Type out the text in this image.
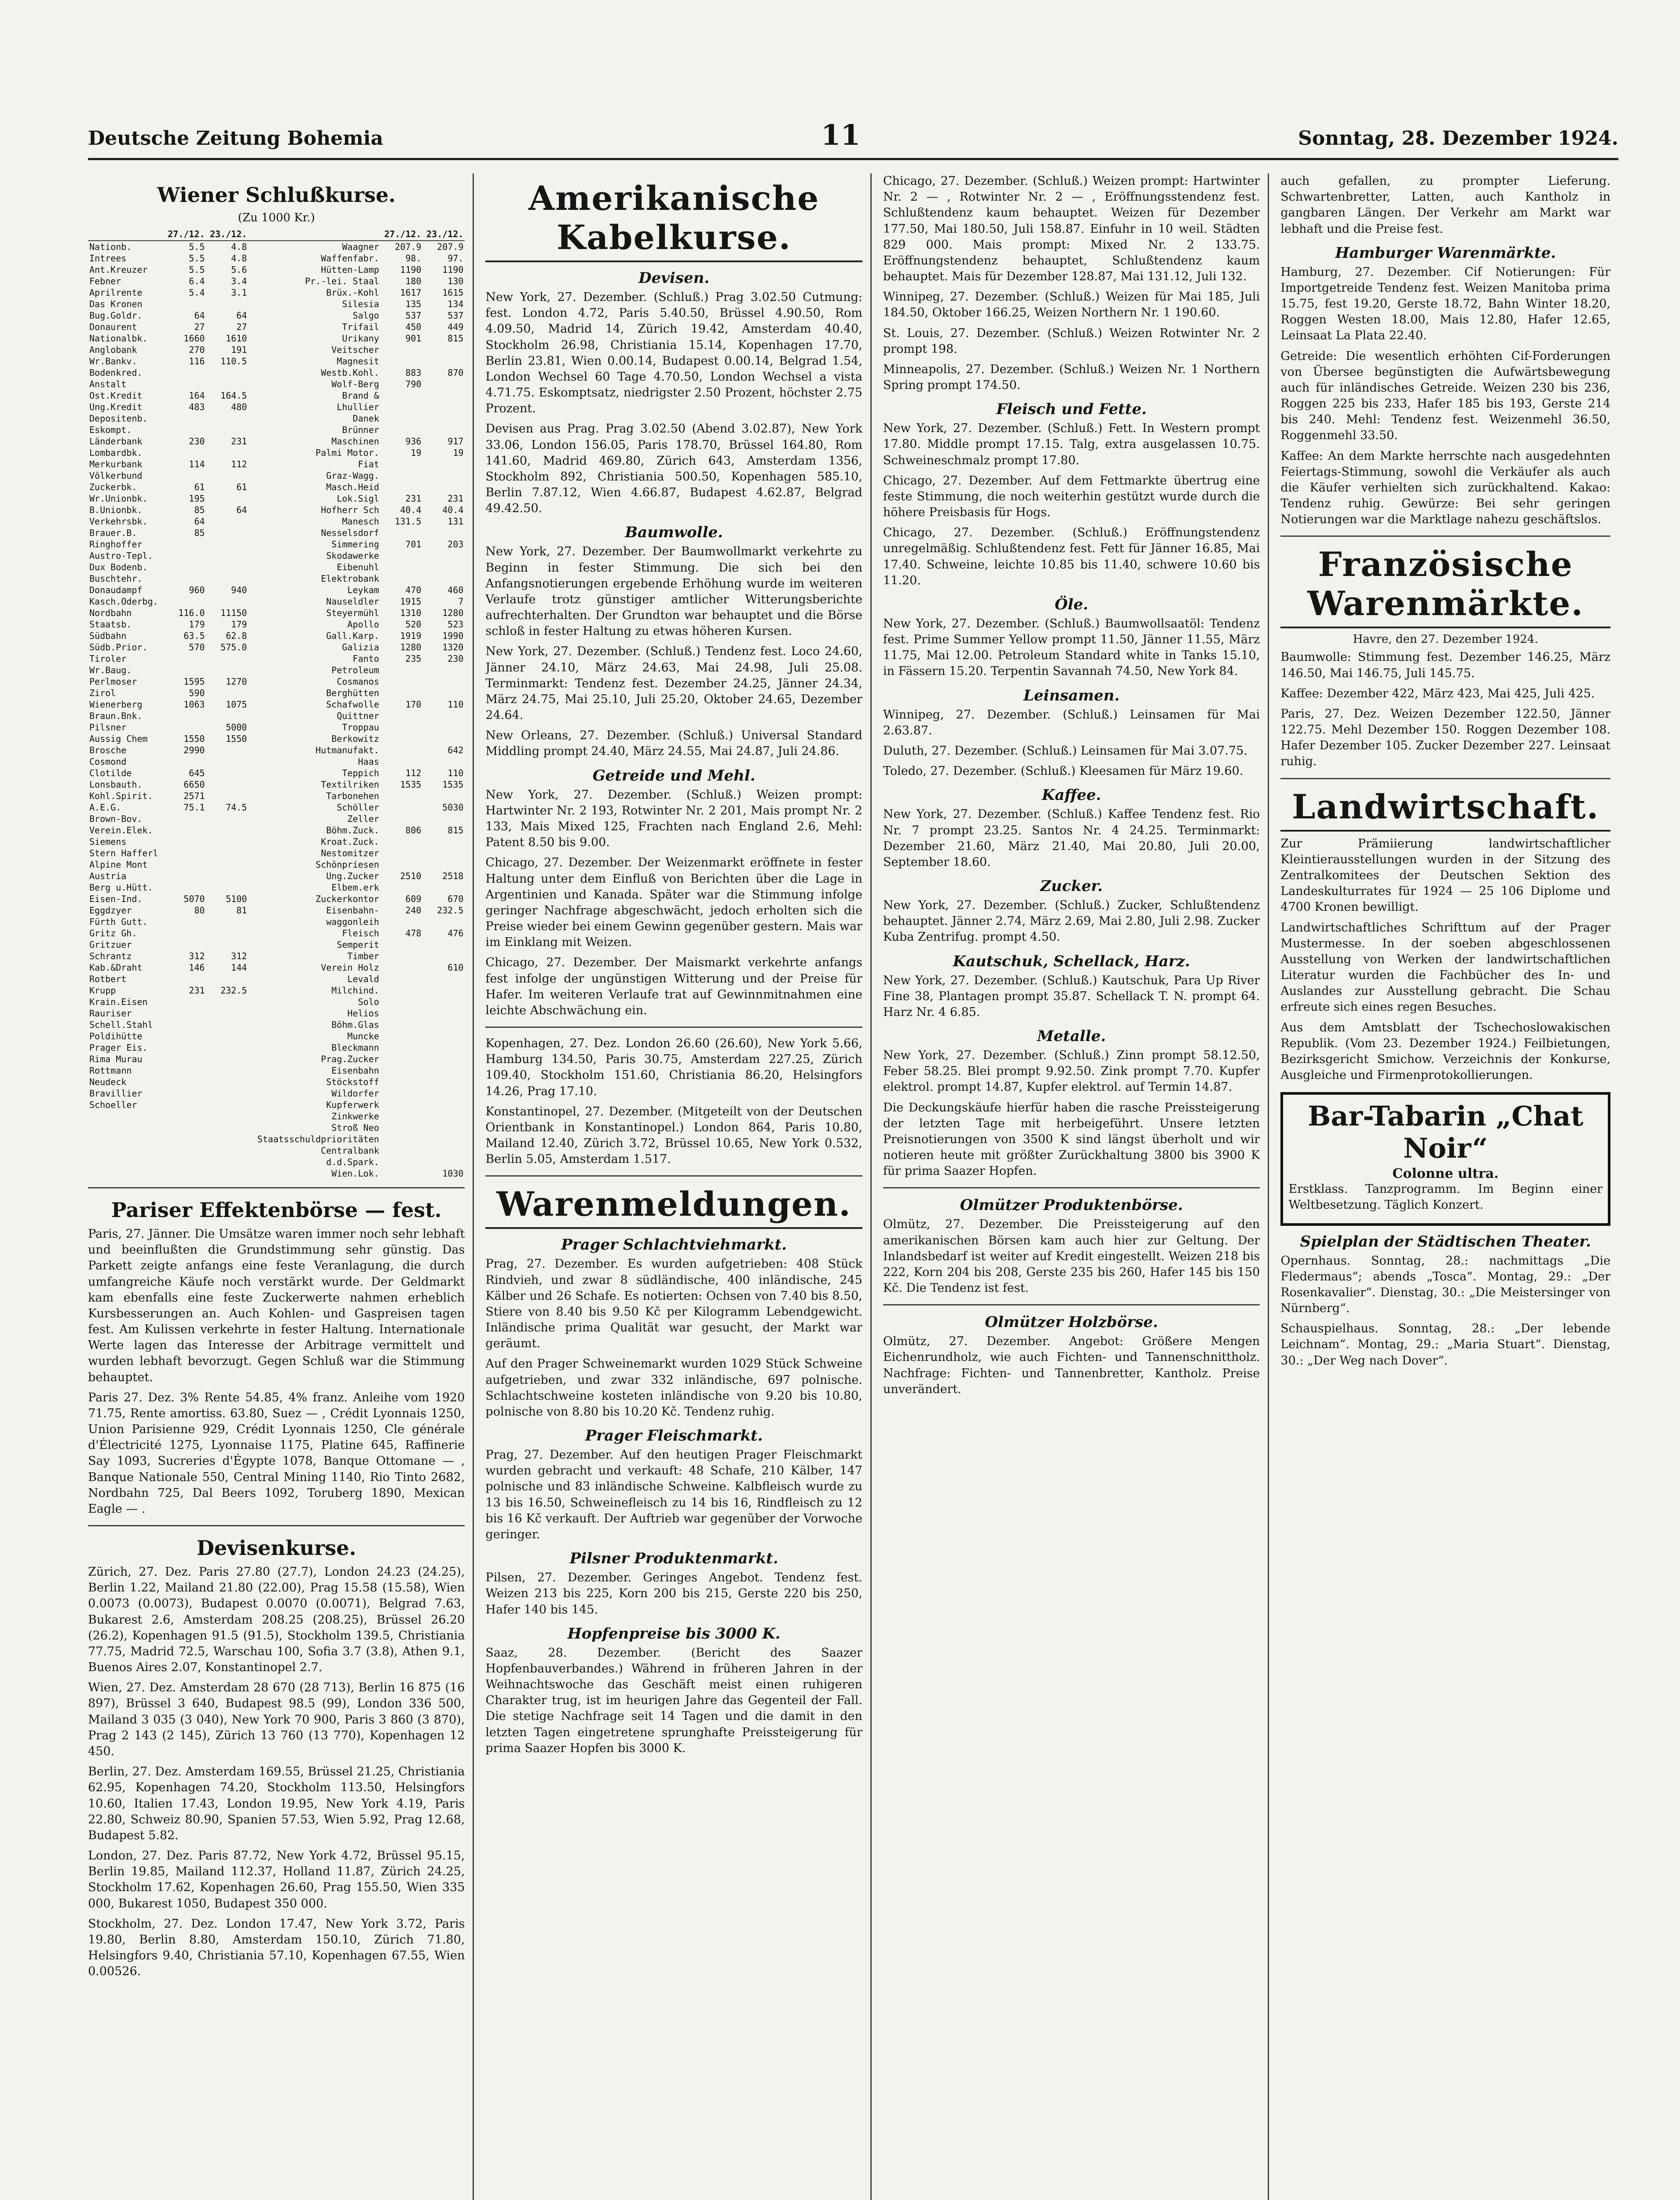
Deutsche Zeitung Bohemia	11	Sonntag, 28. Dezember 1924.
Wiener Schlußkurse.
(Zu 1000 Kr.)
	27./12.	23./12.		27./12.	23./12.
Nationb.	5.5	4.8	Waagner	207.9	207.9
Intrees	5.5	4.8	Waffenfabr.	98.	97.
Ant.Kreuzer	5.5	5.6	Hütten-Lamp	1190	1190
Febner	6.4	3.4	Pr.-lei. Staal	180	130
Aprilrente	5.4	3.1	Brüx.-Kohl	1617	1615
Das Kronen			Silesia	135	134
Bug.Goldr.	64	64	Salgo	537	537
Donaurent	27	27	Trifail	450	449
Nationalbk.	1660	1610	Urikany	901	815
Anglobank	270	191	Veitscher		
Wr.Bankv.	116	110.5	Magnesit		
Bodenkred.			Westb.Kohl.	883	870
Anstalt			Wolf-Berg	790	
Ost.Kredit	164	164.5	Brand &		
Ung.Kredit	483	480	Lhullier		
Depositenb.			Danek		
Eskompt.			Brünner		
Länderbank	230	231	Maschinen	936	917
Lombardbk.			Palmi Motor.	19	19
Merkurbank	114	112	Fiat		
Völkerbund			Graz-Wagg.		
Zuckerbk.	61	61	Masch.Heid		
Wr.Unionbk.	195		Lok.Sigl	231	231
B.Unionbk.	85	64	Hofherr Sch	40.4	40.4
Verkehrsbk.	64		Manesch	131.5	131
Brauer.B.	85		Nesselsdorf		
Ringhoffer			Simmering	701	203
Austro-Tepl.			Skodawerke		
Dux Bodenb.			Eibenuhl		
Buschtehr.			Elektrobank		
Donaudampf	960	940	Leykam	470	460
Kasch.Oderbg.			Nauseldler	1915	7
Nordbahn	116.0	11150	Steyermühl	1310	1280
Staatsb.	179	179	Apollo	520	523
Südbahn	63.5	62.8	Gall.Karp.	1919	1990
Südb.Prior.	570	575.0	Galizia	1280	1320
Tiroler			Fanto	235	230
Wr.Baug.			Petroleum		
Perlmoser	1595	1270	Cosmanos		
Zirol	590		Berghütten		
Wienerberg	1063	1075	Schafwolle	170	110
Braun.Bnk.			Quittner		
Pilsner		5000	Troppau		
Aussig Chem	1550	1550	Berkowitz		
Brosche	2990		Hutmanufakt.		642
Cosmond			Haas		
Clotilde	645		Teppich	112	110
Lonsbauth.	6650		Textilriken	1535	1535
Kohl.Spirit.	2571		Tarbonehen		
A.E.G.	75.1	74.5	Schöller		5030
Brown-Bov.			Zeller		
Verein.Elek.			Böhm.Zuck.	806	815
Siemens			Kroat.Zuck.		
Stern Hafferl			Nestomitzer		
Alpine Mont			Schönpriesen		
Austria			Ung.Zucker	2510	2518
Berg u.Hütt.			Elbem.erk		
Eisen-Ind.	5070	5100	Zuckerkontor	609	670
Eggdzyer	80	81	Eisenbahn-	240	232.5
Fürth Gutt.			waggonleih		
Gritz Gh.			Fleisch	478	476
Gritzuer			Semperit		
Schrantz	312	312	Timber		
Kab.&Draht	146	144	Verein Holz		610
Rotbert			Levald		
Krupp	231	232.5	Milchind.		
Krain.Eisen			Solo		
Rauriser			Helios		
Schell.Stahl			Böhm.Glas		
Poldihütte			Muncke		
Prager Eis.			Bleckmann		
Rima Murau			Prag.Zucker		
Rottmann			Eisenbahn		
Neudeck			Stöckstoff		
Bravillier			Wildorfer		
Schoeller			Kupferwerk		
			Zinkwerke		
			Stroß Neo		
			Staatsschuldprioritäten		
			Centralbank		
			d.d.Spark.		
			Wien.Lok.		1030
Pariser Effektenbörse — fest.

Paris, 27. Jänner. Die Umsätze waren immer noch sehr lebhaft und beeinflußten die Grundstimmung sehr günstig. Das Parkett zeigte anfangs eine feste Veranlagung, die durch umfangreiche Käufe noch verstärkt wurde. Der Geldmarkt kam ebenfalls eine feste Zuckerwerte nahmen erheblich Kursbesserungen an. Auch Kohlen- und Gaspreisen tagen fest. Am Kulissen verkehrte in fester Haltung. Internationale Werte lagen das Interesse der Arbitrage vermittelt und wurden lebhaft bevorzugt. Gegen Schluß war die Stimmung behauptet.

Paris 27. Dez. 3% Rente 54.85, 4% franz. Anleihe vom 1920 71.75, Rente amortiss. 63.80, Suez — , Crédit Lyonnais 1250, Union Parisienne 929, Crédit Lyonnais 1250, Cle générale d'Électricité 1275, Lyonnaise 1175, Platine 645, Raffinerie Say 1093, Sucreries d'Égypte 1078, Banque Ottomane — , Banque Nationale 550, Central Mining 1140, Rio Tinto 2682, Nordbahn 725, Dal Beers 1092, Toruberg 1890, Mexican Eagle — .

Devisenkurse.

Zürich, 27. Dez. Paris 27.80 (27.7), London 24.23 (24.25), Berlin 1.22, Mailand 21.80 (22.00), Prag 15.58 (15.58), Wien 0.0073 (0.0073), Budapest 0.0070 (0.0071), Belgrad 7.63, Bukarest 2.6, Amsterdam 208.25 (208.25), Brüssel 26.20 (26.2), Kopenhagen 91.5 (91.5), Stockholm 139.5, Christiania 77.75, Madrid 72.5, Warschau 100, Sofia 3.7 (3.8), Athen 9.1, Buenos Aires 2.07, Konstantinopel 2.7.

Wien, 27. Dez. Amsterdam 28 670 (28 713), Berlin 16 875 (16 897), Brüssel 3 640, Budapest 98.5 (99), London 336 500, Mailand 3 035 (3 040), New York 70 900, Paris 3 860 (3 870), Prag 2 143 (2 145), Zürich 13 760 (13 770), Kopenhagen 12 450.

Berlin, 27. Dez. Amsterdam 169.55, Brüssel 21.25, Christiania 62.95, Kopenhagen 74.20, Stockholm 113.50, Helsingfors 10.60, Italien 17.43, London 19.95, New York 4.19, Paris 22.80, Schweiz 80.90, Spanien 57.53, Wien 5.92, Prag 12.68, Budapest 5.82.

London, 27. Dez. Paris 87.72, New York 4.72, Brüssel 95.15, Berlin 19.85, Mailand 112.37, Holland 11.87, Zürich 24.25, Stockholm 17.62, Kopenhagen 26.60, Prag 155.50, Wien 335 000, Bukarest 1050, Budapest 350 000.

Stockholm, 27. Dez. London 17.47, New York 3.72, Paris 19.80, Berlin 8.80, Amsterdam 150.10, Zürich 71.80, Helsingfors 9.40, Christiania 57.10, Kopenhagen 67.55, Wien 0.00526.

Amerikanische Kabelkurse.
Devisen.

New York, 27. Dezember. (Schluß.) Prag 3.02.50 Cutmung: fest. London 4.72, Paris 5.40.50, Brüssel 4.90.50, Rom 4.09.50, Madrid 14, Zürich 19.42, Amsterdam 40.40, Stockholm 26.98, Christiania 15.14, Kopenhagen 17.70, Berlin 23.81, Wien 0.00.14, Budapest 0.00.14, Belgrad 1.54, London Wechsel 60 Tage 4.70.50, London Wechsel a vista 4.71.75. Eskomptsatz, niedrigster 2.50 Prozent, höchster 2.75 Prozent.

Devisen aus Prag. Prag 3.02.50 (Abend 3.02.87), New York 33.06, London 156.05, Paris 178.70, Brüssel 164.80, Rom 141.60, Madrid 469.80, Zürich 643, Amsterdam 1356, Stockholm 892, Christiania 500.50, Kopenhagen 585.10, Berlin 7.87.12, Wien 4.66.87, Budapest 4.62.87, Belgrad 49.42.50.

Baumwolle.

New York, 27. Dezember. Der Baumwollmarkt verkehrte zu Beginn in fester Stimmung. Die sich bei den Anfangsnotierungen ergebende Erhöhung wurde im weiteren Verlaufe trotz günstiger amtlicher Witterungsberichte aufrechterhalten. Der Grundton war behauptet und die Börse schloß in fester Haltung zu etwas höheren Kursen.

New York, 27. Dezember. (Schluß.) Tendenz fest. Loco 24.60, Jänner 24.10, März 24.63, Mai 24.98, Juli 25.08. Terminmarkt: Tendenz fest. Dezember 24.25, Jänner 24.34, März 24.75, Mai 25.10, Juli 25.20, Oktober 24.65, Dezember 24.64.

New Orleans, 27. Dezember. (Schluß.) Universal Standard Middling prompt 24.40, März 24.55, Mai 24.87, Juli 24.86.

Getreide und Mehl.

New York, 27. Dezember. (Schluß.) Weizen prompt: Hartwinter Nr. 2 193, Rotwinter Nr. 2 201, Mais prompt Nr. 2 133, Mais Mixed 125, Frachten nach England 2.6, Mehl: Patent 8.50 bis 9.00.

Chicago, 27. Dezember. Der Weizenmarkt eröffnete in fester Haltung unter dem Einfluß von Berichten über die Lage in Argentinien und Kanada. Später war die Stimmung infolge geringer Nachfrage abgeschwächt, jedoch erholten sich die Preise wieder bei einem Gewinn gegenüber gestern. Mais war im Einklang mit Weizen.

Chicago, 27. Dezember. Der Maismarkt verkehrte anfangs fest infolge der ungünstigen Witterung und der Preise für Hafer. Im weiteren Verlaufe trat auf Gewinnmitnahmen eine leichte Abschwächung ein.

Kopenhagen, 27. Dez. London 26.60 (26.60), New York 5.66, Hamburg 134.50, Paris 30.75, Amsterdam 227.25, Zürich 109.40, Stockholm 151.60, Christiania 86.20, Helsingfors 14.26, Prag 17.10.

Konstantinopel, 27. Dezember. (Mitgeteilt von der Deutschen Orientbank in Konstantinopel.) London 864, Paris 10.80, Mailand 12.40, Zürich 3.72, Brüssel 10.65, New York 0.532, Berlin 5.05, Amsterdam 1.517.

Warenmeldungen.
Prager Schlachtviehmarkt.

Prag, 27. Dezember. Es wurden aufgetrieben: 408 Stück Rindvieh, und zwar 8 südländische, 400 inländische, 245 Kälber und 26 Schafe. Es notierten: Ochsen von 7.40 bis 8.50, Stiere von 8.40 bis 9.50 Kč per Kilogramm Lebendgewicht. Inländische prima Qualität war gesucht, der Markt war geräumt.

Auf den Prager Schweinemarkt wurden 1029 Stück Schweine aufgetrieben, und zwar 332 inländische, 697 polnische. Schlachtschweine kosteten inländische von 9.20 bis 10.80, polnische von 8.80 bis 10.20 Kč. Tendenz ruhig.

Prager Fleischmarkt.

Prag, 27. Dezember. Auf den heutigen Prager Fleischmarkt wurden gebracht und verkauft: 48 Schafe, 210 Kälber, 147 polnische und 83 inländische Schweine. Kalbfleisch wurde zu 13 bis 16.50, Schweinefleisch zu 14 bis 16, Rindfleisch zu 12 bis 16 Kč verkauft. Der Auftrieb war gegenüber der Vorwoche geringer.

Pilsner Produktenmarkt.

Pilsen, 27. Dezember. Geringes Angebot. Tendenz fest. Weizen 213 bis 225, Korn 200 bis 215, Gerste 220 bis 250, Hafer 140 bis 145.

Hopfenpreise bis 3000 K.

Saaz, 28. Dezember. (Bericht des Saazer Hopfenbauverbandes.) Während in früheren Jahren in der Weihnachtswoche das Geschäft meist einen ruhigeren Charakter trug, ist im heurigen Jahre das Gegenteil der Fall. Die stetige Nachfrage seit 14 Tagen und die damit in den letzten Tagen eingetretene sprunghafte Preissteigerung für prima Saazer Hopfen bis 3000 K.

Chicago, 27. Dezember. (Schluß.) Weizen prompt: Hartwinter Nr. 2 — , Rotwinter Nr. 2 — , Eröffnungsstendenz fest. Schlußtendenz kaum behauptet. Weizen für Dezember 177.50, Mai 180.50, Juli 158.87. Einfuhr in 10 weil. Städten 829 000. Mais prompt: Mixed Nr. 2 133.75. Eröffnungstendenz behauptet, Schlußtendenz kaum behauptet. Mais für Dezember 128.87, Mai 131.12, Juli 132.

Winnipeg, 27. Dezember. (Schluß.) Weizen für Mai 185, Juli 184.50, Oktober 166.25, Weizen Northern Nr. 1 190.60.

St. Louis, 27. Dezember. (Schluß.) Weizen Rotwinter Nr. 2 prompt 198.

Minneapolis, 27. Dezember. (Schluß.) Weizen Nr. 1 Northern Spring prompt 174.50.

Fleisch und Fette.

New York, 27. Dezember. (Schluß.) Fett. In Western prompt 17.80. Middle prompt 17.15. Talg, extra ausgelassen 10.75. Schweineschmalz prompt 17.80.

Chicago, 27. Dezember. Auf dem Fettmarkte übertrug eine feste Stimmung, die noch weiterhin gestützt wurde durch die höhere Preisbasis für Hogs.

Chicago, 27. Dezember. (Schluß.) Eröffnungstendenz unregelmäßig. Schlußtendenz fest. Fett für Jänner 16.85, Mai 17.40. Schweine, leichte 10.85 bis 11.40, schwere 10.60 bis 11.20.

Öle.

New York, 27. Dezember. (Schluß.) Baumwollsaatöl: Tendenz fest. Prime Summer Yellow prompt 11.50, Jänner 11.55, März 11.75, Mai 12.00. Petroleum Standard white in Tanks 15.10, in Fässern 15.20. Terpentin Savannah 74.50, New York 84.

Leinsamen.

Winnipeg, 27. Dezember. (Schluß.) Leinsamen für Mai 2.63.87.

Duluth, 27. Dezember. (Schluß.) Leinsamen für Mai 3.07.75.

Toledo, 27. Dezember. (Schluß.) Kleesamen für März 19.60.

Kaffee.

New York, 27. Dezember. (Schluß.) Kaffee Tendenz fest. Rio Nr. 7 prompt 23.25. Santos Nr. 4 24.25. Terminmarkt: Dezember 21.60, März 21.40, Mai 20.80, Juli 20.00, September 18.60.

Zucker.

New York, 27. Dezember. (Schluß.) Zucker, Schlußtendenz behauptet. Jänner 2.74, März 2.69, Mai 2.80, Juli 2.98. Zucker Kuba Zentrifug. prompt 4.50.

Kautschuk, Schellack, Harz.

New York, 27. Dezember. (Schluß.) Kautschuk, Para Up River Fine 38, Plantagen prompt 35.87. Schellack T. N. prompt 64. Harz Nr. 4 6.85.

Metalle.

New York, 27. Dezember. (Schluß.) Zinn prompt 58.12.50, Feber 58.25. Blei prompt 9.92.50. Zink prompt 7.70. Kupfer elektrol. prompt 14.87, Kupfer elektrol. auf Termin 14.87.

Die Deckungskäufe hierfür haben die rasche Preissteigerung der letzten Tage mit herbeigeführt. Unsere letzten Preisnotierungen von 3500 K sind längst überholt und wir notieren heute mit größter Zurückhaltung 3800 bis 3900 K für prima Saazer Hopfen.

Olmützer Produktenbörse.

Olmütz, 27. Dezember. Die Preissteigerung auf den amerikanischen Börsen kam auch hier zur Geltung. Der Inlandsbedarf ist weiter auf Kredit eingestellt. Weizen 218 bis 222, Korn 204 bis 208, Gerste 235 bis 260, Hafer 145 bis 150 Kč. Die Tendenz ist fest.

Olmützer Holzbörse.

Olmütz, 27. Dezember. Angebot: Größere Mengen Eichenrundholz, wie auch Fichten- und Tannenschnittholz. Nachfrage: Fichten- und Tannenbretter, Kantholz. Preise unverändert.

auch gefallen, zu prompter Lieferung. Schwartenbretter, Latten, auch Kantholz in gangbaren Längen. Der Verkehr am Markt war lebhaft und die Preise fest.

Hamburger Warenmärkte.

Hamburg, 27. Dezember. Cif Notierungen: Für Importgetreide Tendenz fest. Weizen Manitoba prima 15.75, fest 19.20, Gerste 18.72, Bahn Winter 18.20, Roggen Westen 18.00, Mais 12.80, Hafer 12.65, Leinsaat La Plata 22.40.

Getreide: Die wesentlich erhöhten Cif-Forderungen von Übersee begünstigten die Aufwärtsbewegung auch für inländisches Getreide. Weizen 230 bis 236, Roggen 225 bis 233, Hafer 185 bis 193, Gerste 214 bis 240. Mehl: Tendenz fest. Weizenmehl 36.50, Roggenmehl 33.50.

Kaffee: An dem Markte herrschte nach ausgedehnten Feiertags-Stimmung, sowohl die Verkäufer als auch die Käufer verhielten sich zurückhaltend. Kakao: Tendenz ruhig. Gewürze: Bei sehr geringen Notierungen war die Marktlage nahezu geschäftslos.

Französische Warenmärkte.
Havre, den 27. Dezember 1924.

Baumwolle: Stimmung fest. Dezember 146.25, März 146.50, Mai 146.75, Juli 145.75.

Kaffee: Dezember 422, März 423, Mai 425, Juli 425.

Paris, 27. Dez. Weizen Dezember 122.50, Jänner 122.75. Mehl Dezember 150. Roggen Dezember 108. Hafer Dezember 105. Zucker Dezember 227. Leinsaat ruhig.

Landwirtschaft.

Zur Prämiierung landwirtschaftlicher Kleintierausstellungen wurden in der Sitzung des Zentralkomitees der Deutschen Sektion des Landeskulturrates für 1924 — 25 106 Diplome und 4700 Kronen bewilligt.

Landwirtschaftliches Schrifttum auf der Prager Mustermesse. In der soeben abgeschlossenen Ausstellung von Werken der landwirtschaftlichen Literatur wurden die Fachbücher des In- und Auslandes zur Ausstellung gebracht. Die Schau erfreute sich eines regen Besuches.

Aus dem Amtsblatt der Tschechoslowakischen Republik. (Vom 23. Dezember 1924.) Feilbietungen, Bezirksgericht Smichow. Verzeichnis der Konkurse, Ausgleiche und Firmenprotokollierungen.

Bar-Tabarin „Chat Noir“
Colonne ultra.

Erstklass. Tanzprogramm. Im Beginn einer Weltbesetzung. Täglich Konzert.

Spielplan der Städtischen Theater.

Opernhaus. Sonntag, 28.: nachmittags „Die Fledermaus“; abends „Tosca“. Montag, 29.: „Der Rosenkavalier“. Dienstag, 30.: „Die Meistersinger von Nürnberg“.

Schauspielhaus. Sonntag, 28.: „Der lebende Leichnam“. Montag, 29.: „Maria Stuart“. Dienstag, 30.: „Der Weg nach Dover“.
